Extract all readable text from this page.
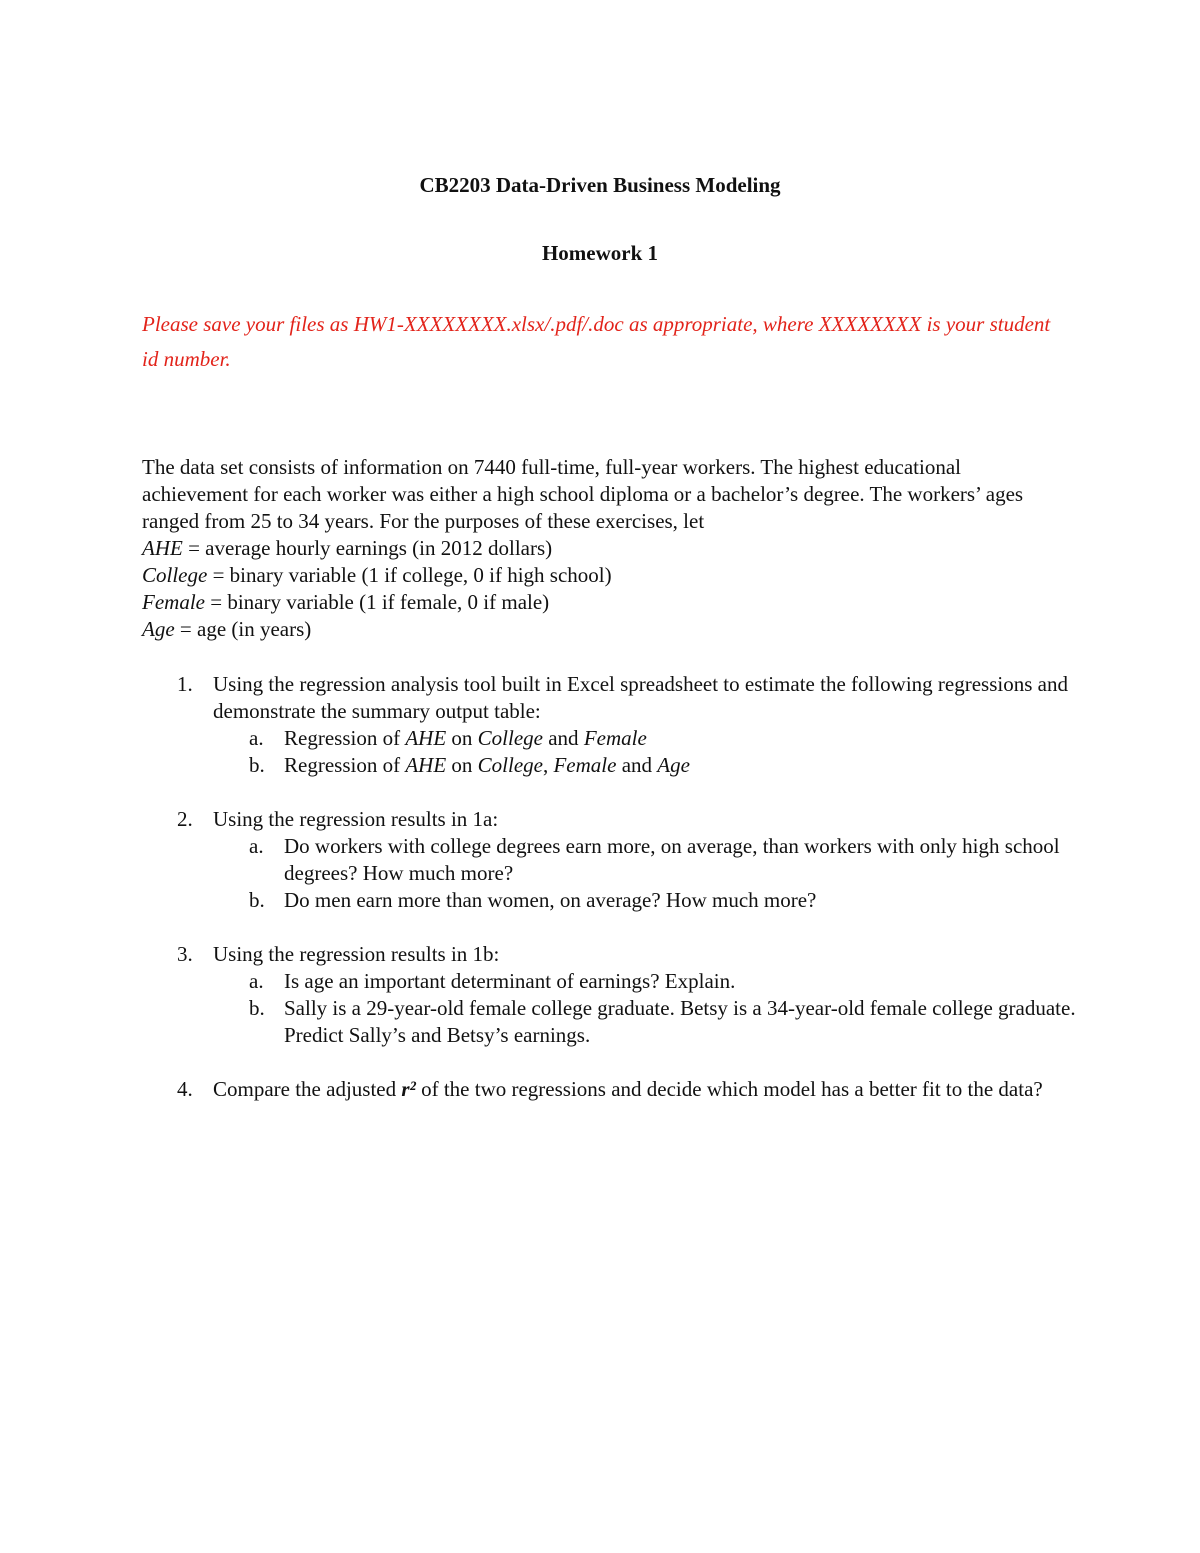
CB2203 Data-Driven Business Modeling
Homework 1
Please save your files as HW1-XXXXXXXX.xlsx/.pdf/.doc as appropriate, where XXXXXXXX is your student id number.

The data set consists of information on 7440 full-time, full-year workers. The highest educational achievement for each worker was either a high school diploma or a bachelor’s degree. The workers’ ages ranged from 25 to 34 years. For the purposes of these exercises, let

AHE = average hourly earnings (in 2012 dollars)

College = binary variable (1 if college, 0 if high school)

Female = binary variable (1 if female, 0 if male)

Age = age (in years)

1. Using the regression analysis tool built in Excel spreadsheet to estimate the following regressions and demonstrate the summary output table:
a. Regression of AHE on College and Female
b. Regression of AHE on College, Female and Age
2. Using the regression results in 1a:
a. Do workers with college degrees earn more, on average, than workers with only high school degrees? How much more?
b. Do men earn more than women, on average? How much more?
3. Using the regression results in 1b:
a. Is age an important determinant of earnings? Explain.
b. Sally is a 29-year-old female college graduate. Betsy is a 34-year-old female college graduate. Predict Sally’s and Betsy’s earnings.
4. Compare the adjusted r² of the two regressions and decide which model has a better fit to the data?
